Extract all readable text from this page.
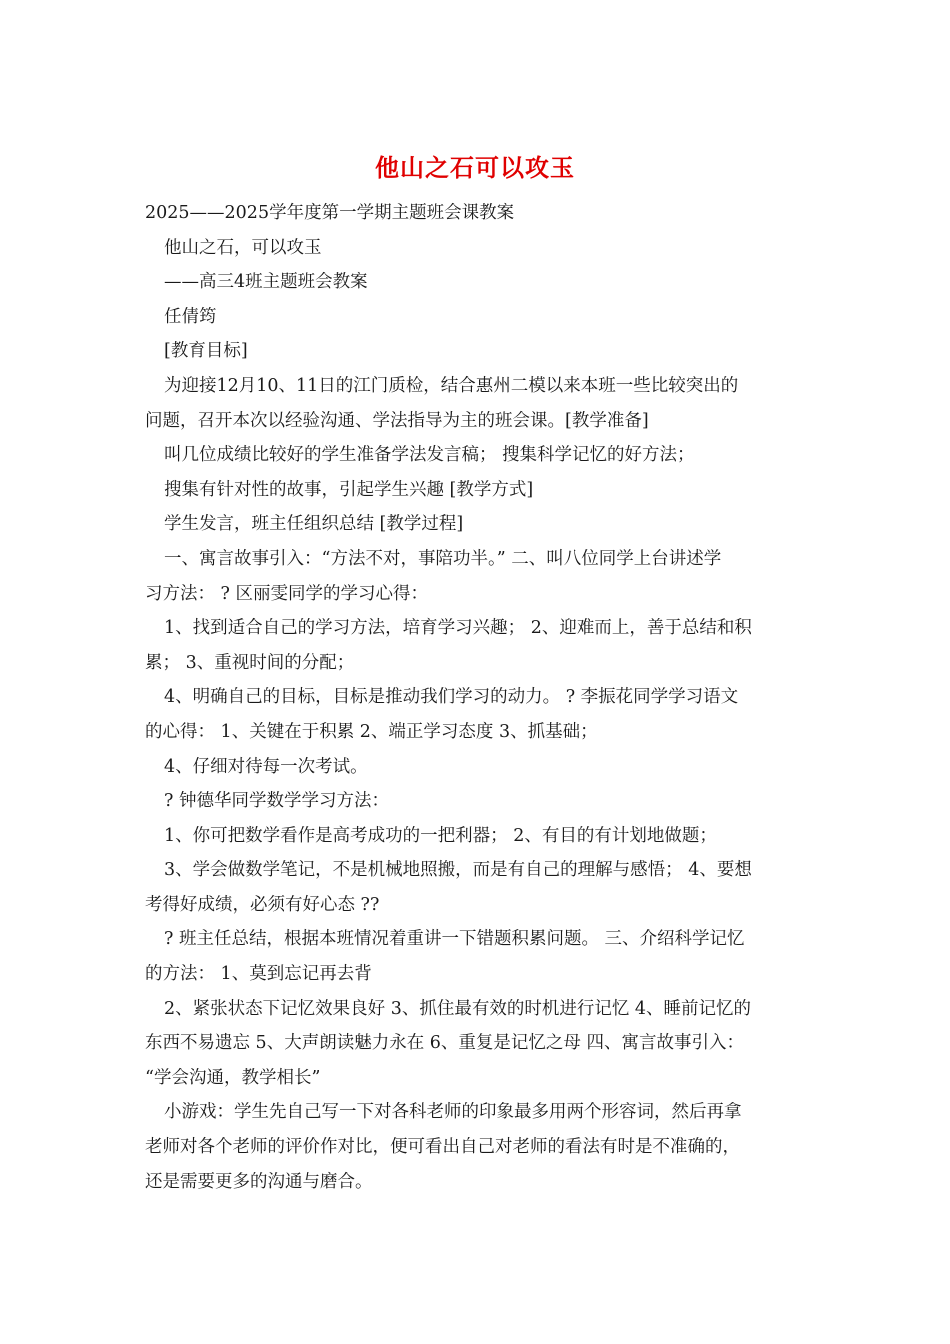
他山之石可以攻玉
2025——2025学年度第一学期主题班会课教案
他山之石，可以攻玉
——高三4班主题班会教案
任倩筠
[教育目标]
为迎接12月10、11日的江门质检，结合惠州二模以来本班一些比较突出的
问题，召开本次以经验沟通、学法指导为主的班会课。[教学准备]
叫几位成绩比较好的学生准备学法发言稿； 搜集科学记忆的好方法；
搜集有针对性的故事，引起学生兴趣 [教学方式]
学生发言，班主任组织总结 [教学过程]
一、寓言故事引入：“方法不对，事陪功半。” 二、叫八位同学上台讲述学
习方法： ? 区丽雯同学的学习心得：
1、找到适合自己的学习方法，培育学习兴趣； 2、迎难而上，善于总结和积
累； 3、重视时间的分配；
4、明确自己的目标，目标是推动我们学习的动力。 ? 李振花同学学习语文
的心得： 1、关键在于积累 2、端正学习态度 3、抓基础；
4、仔细对待每一次考试。
? 钟德华同学数学学习方法：
1、你可把数学看作是高考成功的一把利器； 2、有目的有计划地做题；
3、学会做数学笔记，不是机械地照搬，而是有自己的理解与感悟； 4、要想
考得好成绩，必须有好心态 ??
? 班主任总结，根据本班情况着重讲一下错题积累问题。 三、介绍科学记忆
的方法： 1、莫到忘记再去背
2、紧张状态下记忆效果良好 3、抓住最有效的时机进行记忆 4、睡前记忆的
东西不易遗忘 5、大声朗读魅力永在 6、重复是记忆之母 四、寓言故事引入：
“学会沟通，教学相长”
小游戏：学生先自己写一下对各科老师的印象最多用两个形容词，然后再拿
老师对各个老师的评价作对比，便可看出自己对老师的看法有时是不准确的，
还是需要更多的沟通与磨合。
